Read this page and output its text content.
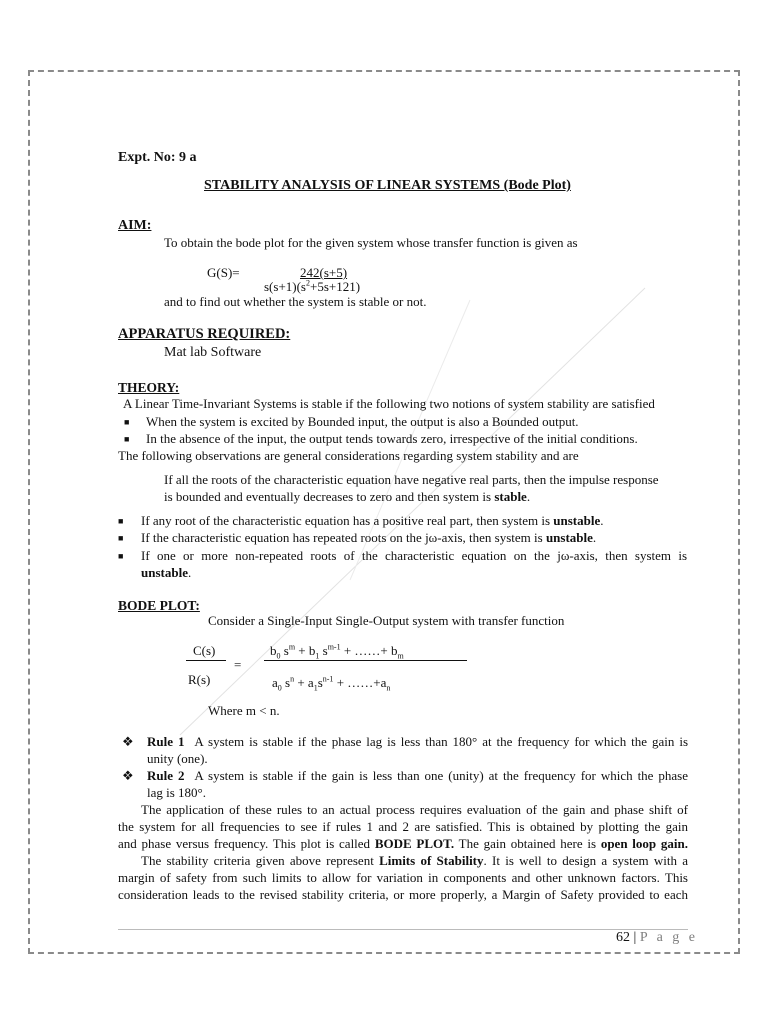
Expt. No: 9 a
STABILITY ANALYSIS OF LINEAR SYSTEMS (Bode Plot)
AIM:
To obtain the bode plot for the given system whose transfer function is given as
G(S)=	242(s+5)
$s(s+1)(s^2+5s+121)$
and to find out whether the system is stable or not.
APPARATUS REQUIRED:
Mat lab Software
THEORY:
A Linear Time-Invariant Systems is stable if the following two notions of system stability are satisfied
■ When the system is excited by Bounded input, the output is also a Bounded output.
■ In the absence of the input, the output tends towards zero, irrespective of the initial conditions.
The following observations are general considerations regarding system stability and are
If all the roots of the characteristic equation have negative real parts, then the impulse response
is bounded and eventually decreases to zero and then system is stable.
■ If any root of the characteristic equation has a positive real part, then system is unstable.
■ If the characteristic equation has repeated roots on the jω-axis, then system is unstable.
■ If one or more non-repeated roots of the characteristic equation on the jω-axis, then system is
unstable.
BODE PLOT:
Consider a Single-Input Single-Output system with transfer function
C(s)
R(s)
=
$b_0$ $s^m + b_1$ $s^{m-1}$ + ……+ $b_m$
$a_0$ $s^n + a_1s^{n-1}$ + $\dots\dots+a_n$
Where m < n.
❖ Rule 1 A system is stable if the phase lag is less than 180° at the frequency for which the gain is
unity (one).
❖ Rule 2 A system is stable if the gain is less than one (unity) at the frequency for which the phase
lag is 180°.
The application of these rules to an actual process requires evaluation of the gain and phase shift of
the system for all frequencies to see if rules 1 and 2 are satisfied. This is obtained by plotting the gain
and phase versus frequency. This plot is called BODE PLOT. The gain obtained here is open loop gain.
The stability criteria given above represent Limits of Stability. It is well to design a system with a
margin of safety from such limits to allow for variation in components and other unknown factors. This
consideration leads to the revised stability criteria, or more properly, a Margin of Safety provided to each
62 | P a g e
